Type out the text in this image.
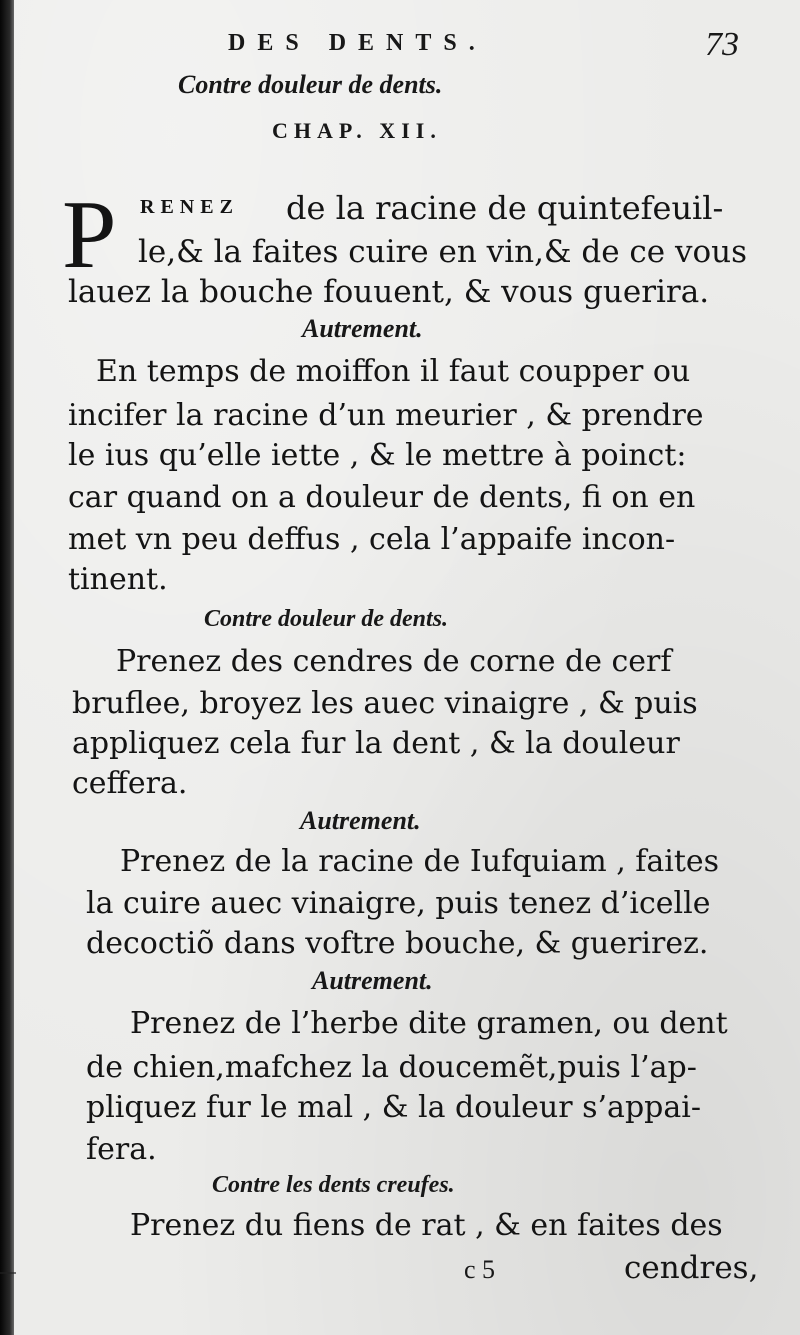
DES DENTS.	73
Contre douleur de dents.
CHAP. XII.
P RENEZ de la racine de quintefeuil-
le,& la faites cuire en vin,& de ce vous
lauez la bouche fouuent, & vous guerira.
Autrement.
En temps de moiffon il faut coupper ou
incifer la racine d’un meurier , & prendre
le ius qu’elle iette , & le mettre à poinct:
car quand on a douleur de dents, fi on en
met vn peu deffus , cela l’appaife incon-
tinent.
Contre douleur de dents.
Prenez des cendres de corne de cerf
bruflee, broyez les auec vinaigre , & puis
appliquez cela fur la dent , & la douleur
ceffera.
Autrement.
Prenez de la racine de Iufquiam , faites
la cuire auec vinaigre, puis tenez d’icelle
decoctiõ dans voftre bouche, & guerirez.
Autrement.
Prenez de l’herbe dite gramen, ou dent
de chien,mafchez la doucemẽt,puis l’ap-
pliquez fur le mal , & la douleur s’appai-
fera.
Contre les dents creufes.
Prenez du fiens de rat , & en faites des
c 5	cendres,
